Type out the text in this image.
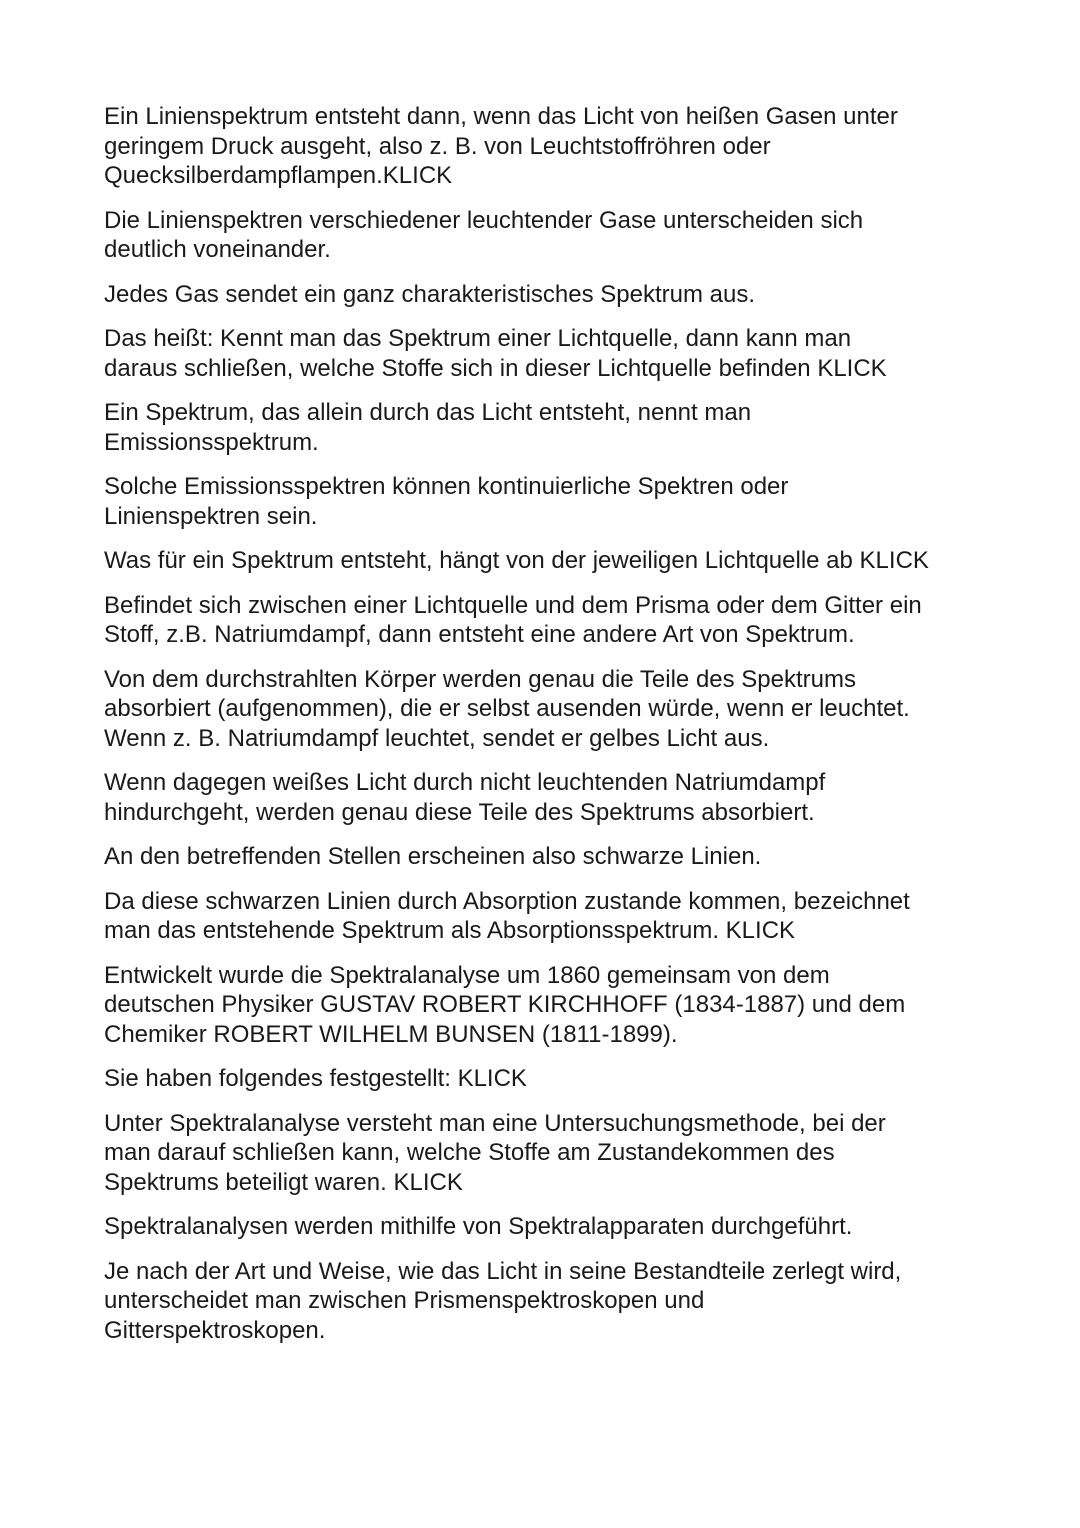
Ein Linienspektrum entsteht dann, wenn das Licht von heißen Gasen unter
geringem Druck ausgeht, also z. B. von Leuchtstoffröhren oder
Quecksilberdampflampen.KLICK

Die Linienspektren verschiedener leuchtender Gase unterscheiden sich
deutlich voneinander.

Jedes Gas sendet ein ganz charakteristisches Spektrum aus.

Das heißt: Kennt man das Spektrum einer Lichtquelle, dann kann man
daraus schließen, welche Stoffe sich in dieser Lichtquelle befinden KLICK

Ein Spektrum, das allein durch das Licht entsteht, nennt man
Emissionsspektrum.

Solche Emissionsspektren können kontinuierliche Spektren oder
Linienspektren sein.

Was für ein Spektrum entsteht, hängt von der jeweiligen Lichtquelle ab KLICK

Befindet sich zwischen einer Lichtquelle und dem Prisma oder dem Gitter ein
Stoff, z.B. Natriumdampf, dann entsteht eine andere Art von Spektrum.

Von dem durchstrahlten Körper werden genau die Teile des Spektrums
absorbiert (aufgenommen), die er selbst ausenden würde, wenn er leuchtet.
Wenn z. B. Natriumdampf leuchtet, sendet er gelbes Licht aus.

Wenn dagegen weißes Licht durch nicht leuchtenden Natriumdampf
hindurchgeht, werden genau diese Teile des Spektrums absorbiert.

An den betreffenden Stellen erscheinen also schwarze Linien.

Da diese schwarzen Linien durch Absorption zustande kommen, bezeichnet
man das entstehende Spektrum als Absorptionsspektrum. KLICK

Entwickelt wurde die Spektralanalyse um 1860 gemeinsam von dem
deutschen Physiker GUSTAV ROBERT KIRCHHOFF (1834-1887) und dem
Chemiker ROBERT WILHELM BUNSEN (1811-1899).

Sie haben folgendes festgestellt: KLICK

Unter Spektralanalyse versteht man eine Untersuchungsmethode, bei der
man darauf schließen kann, welche Stoffe am Zustandekommen des
Spektrums beteiligt waren. KLICK

Spektralanalysen werden mithilfe von Spektralapparaten durchgeführt.

Je nach der Art und Weise, wie das Licht in seine Bestandteile zerlegt wird,
unterscheidet man zwischen Prismenspektroskopen und
Gitterspektroskopen.
